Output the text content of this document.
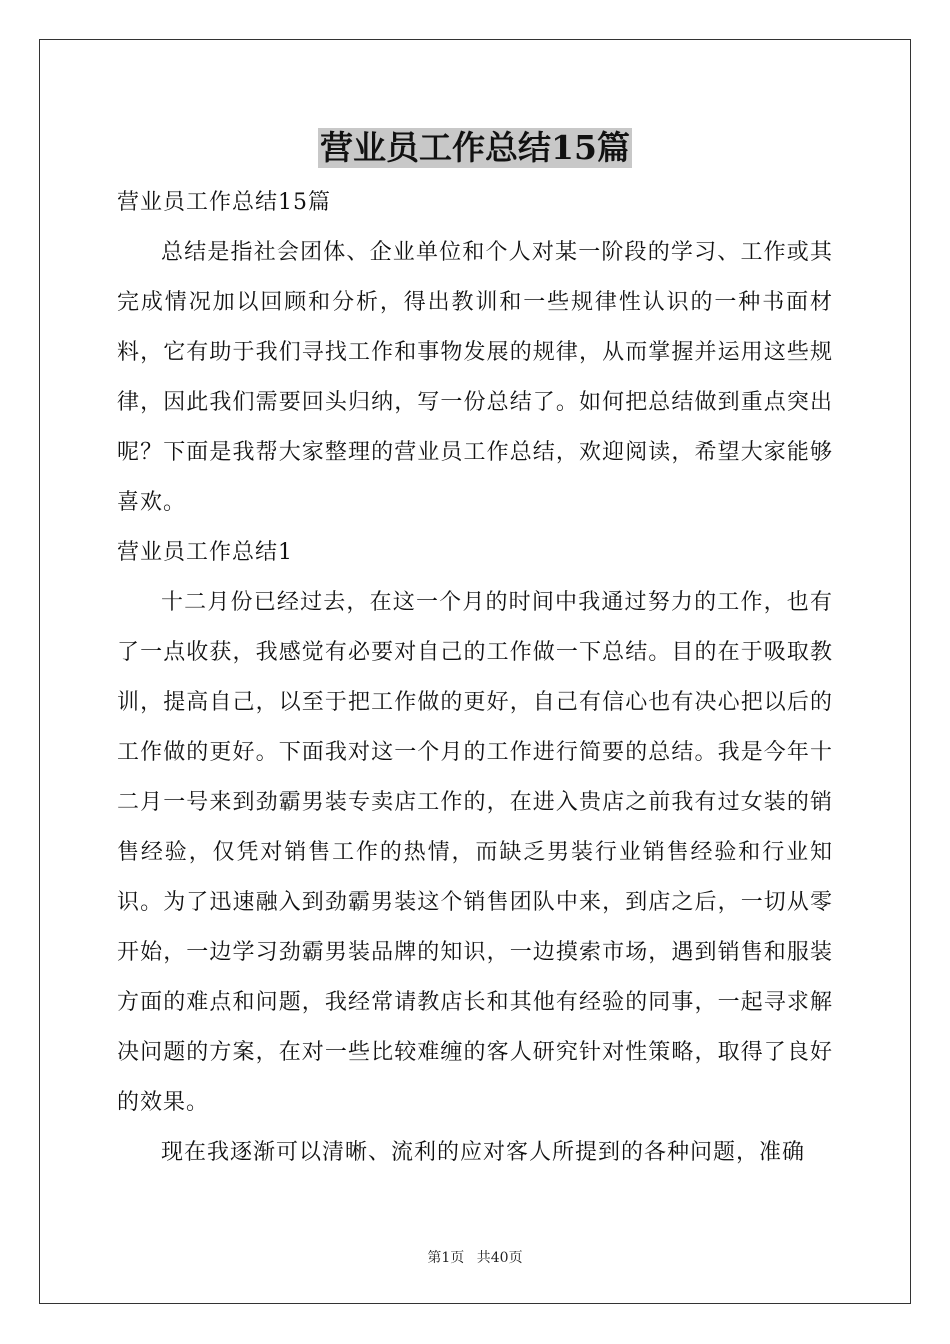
营业员工作总结15篇

营业员工作总结15篇

总结是指社会团体、企业单位和个人对某一阶段的学习、工作或其完成情况加以回顾和分析，得出教训和一些规律性认识的一种书面材料，它有助于我们寻找工作和事物发展的规律，从而掌握并运用这些规律，因此我们需要回头归纳，写一份总结了。如何把总结做到重点突出呢？下面是我帮大家整理的营业员工作总结，欢迎阅读，希望大家能够喜欢。

营业员工作总结1

十二月份已经过去，在这一个月的时间中我通过努力的工作，也有了一点收获，我感觉有必要对自己的工作做一下总结。目的在于吸取教训，提高自己，以至于把工作做的更好，自己有信心也有决心把以后的工作做的更好。下面我对这一个月的工作进行简要的总结。我是今年十二月一号来到劲霸男装专卖店工作的，在进入贵店之前我有过女装的销售经验，仅凭对销售工作的热情，而缺乏男装行业销售经验和行业知识。为了迅速融入到劲霸男装这个销售团队中来，到店之后，一切从零开始，一边学习劲霸男装品牌的知识，一边摸索市场，遇到销售和服装方面的难点和问题，我经常请教店长和其他有经验的同事，一起寻求解决问题的方案，在对一些比较难缠的客人研究针对性策略，取得了良好的效果。

现在我逐渐可以清晰、流利的应对客人所提到的各种问题，准确

第1页 共40页
